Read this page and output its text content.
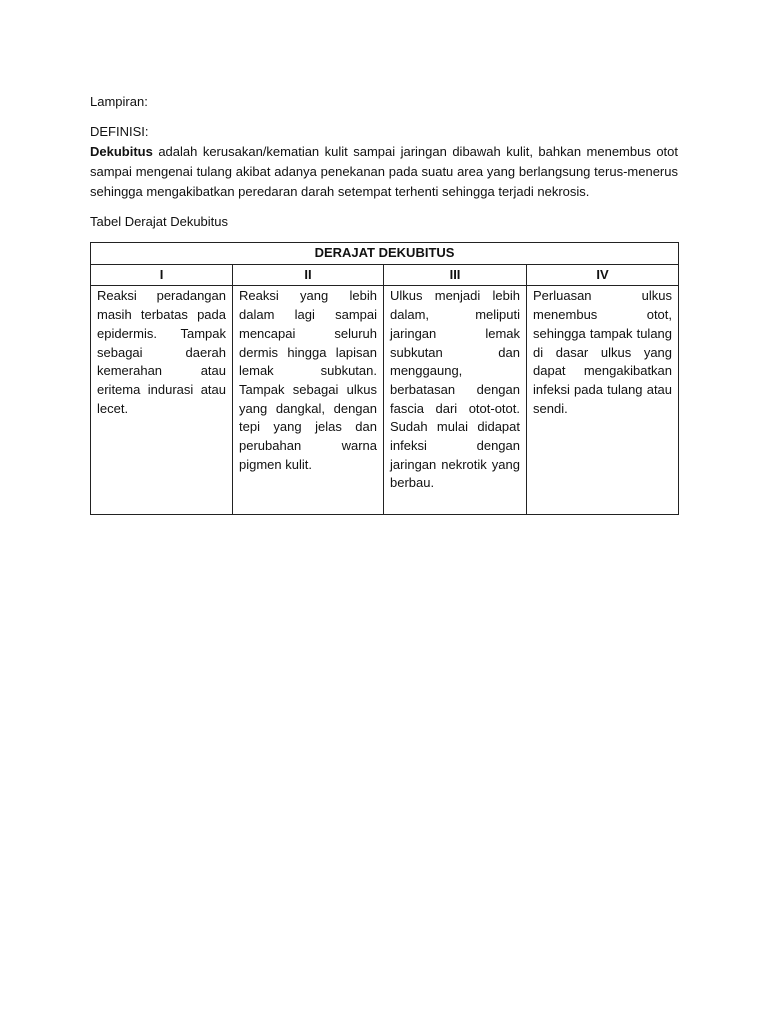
Lampiran:

DEFINISI:

Dekubitus adalah kerusakan/kematian kulit sampai jaringan dibawah kulit, bahkan menembus otot sampai mengenai tulang akibat adanya penekanan pada suatu area yang berlangsung terus-menerus sehingga mengakibatkan peredaran darah setempat terhenti sehingga terjadi nekrosis.

Tabel Derajat Dekubitus

DERAJAT DEKUBITUS			
I	II	III	IV
Reaksi peradangan masih terbatas pada epidermis. Tampak sebagai daerah kemerahan atau eritema indurasi atau lecet.	Reaksi yang lebih dalam lagi sampai mencapai seluruh dermis hingga lapisan lemak subkutan. Tampak sebagai ulkus yang dangkal, dengan tepi yang jelas dan perubahan warna pigmen kulit.	Ulkus menjadi lebih dalam, meliputi jaringan lemak subkutan dan menggaung, berbatasan dengan fascia dari otot-otot. Sudah mulai didapat infeksi dengan jaringan nekrotik yang berbau.	Perluasan ulkus menembus otot, sehingga tampak tulang di dasar ulkus yang dapat mengakibatkan infeksi pada tulang atau sendi.
